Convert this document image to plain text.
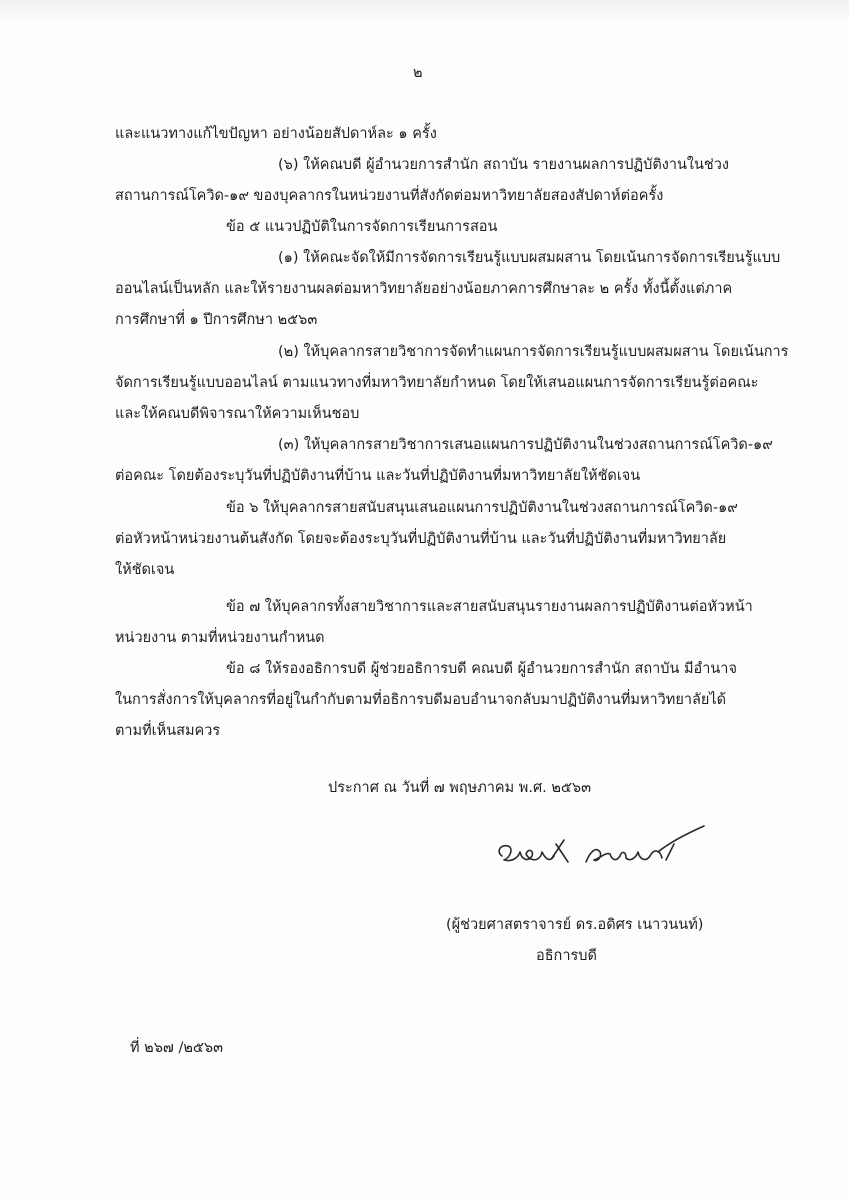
๒
และแนวทางแก้ไขปัญหา อย่างน้อยสัปดาห์ละ ๑ ครั้ง
(๖) ให้คณบดี ผู้อำนวยการสำนัก สถาบัน รายงานผลการปฏิบัติงานในช่วง
สถานการณ์โควิด-๑๙ ของบุคลากรในหน่วยงานที่สังกัดต่อมหาวิทยาลัยสองสัปดาห์ต่อครั้ง
ข้อ ๕ แนวปฏิบัติในการจัดการเรียนการสอน
(๑) ให้คณะจัดให้มีการจัดการเรียนรู้แบบผสมผสาน โดยเน้นการจัดการเรียนรู้แบบ
ออนไลน์เป็นหลัก และให้รายงานผลต่อมหาวิทยาลัยอย่างน้อยภาคการศึกษาละ ๒ ครั้ง ทั้งนี้ตั้งแต่ภาค
การศึกษาที่ ๑ ปีการศึกษา ๒๕๖๓
(๒) ให้บุคลากรสายวิชาการจัดทำแผนการจัดการเรียนรู้แบบผสมผสาน โดยเน้นการ
จัดการเรียนรู้แบบออนไลน์ ตามแนวทางที่มหาวิทยาลัยกำหนด โดยให้เสนอแผนการจัดการเรียนรู้ต่อคณะ
และให้คณบดีพิจารณาให้ความเห็นชอบ
(๓) ให้บุคลากรสายวิชาการเสนอแผนการปฏิบัติงานในช่วงสถานการณ์โควิด-๑๙
ต่อคณะ โดยต้องระบุวันที่ปฏิบัติงานที่บ้าน และวันที่ปฏิบัติงานที่มหาวิทยาลัยให้ชัดเจน
ข้อ ๖ ให้บุคลากรสายสนับสนุนเสนอแผนการปฏิบัติงานในช่วงสถานการณ์โควิด-๑๙
ต่อหัวหน้าหน่วยงานต้นสังกัด โดยจะต้องระบุวันที่ปฏิบัติงานที่บ้าน และวันที่ปฏิบัติงานที่มหาวิทยาลัย
ให้ชัดเจน
ข้อ ๗ ให้บุคลากรทั้งสายวิชาการและสายสนับสนุนรายงานผลการปฏิบัติงานต่อหัวหน้า
หน่วยงาน ตามที่หน่วยงานกำหนด
ข้อ ๘ ให้รองอธิการบดี ผู้ช่วยอธิการบดี คณบดี ผู้อำนวยการสำนัก สถาบัน มีอำนาจ
ในการสั่งการให้บุคลากรที่อยู่ในกำกับตามที่อธิการบดีมอบอำนาจกลับมาปฏิบัติงานที่มหาวิทยาลัยได้
ตามที่เห็นสมควร
ประกาศ ณ วันที่ ๗ พฤษภาคม พ.ศ. ๒๕๖๓
(ผู้ช่วยศาสตราจารย์ ดร.อดิศร เนาวนนท์)
อธิการบดี
ที่ ๒๖๗ /๒๕๖๓
